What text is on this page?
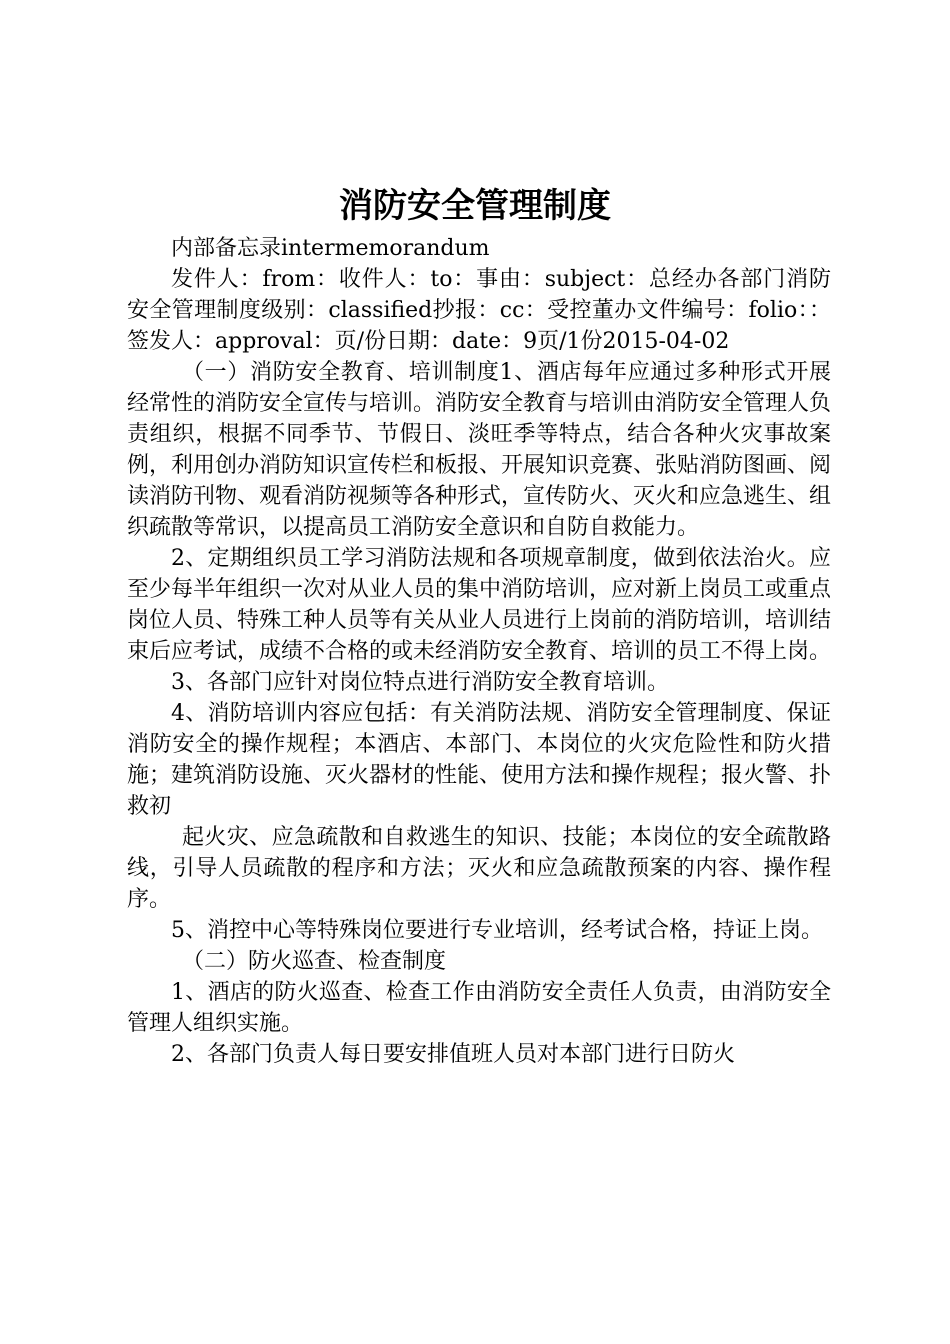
消防安全管理制度

内部备忘录intermemorandum

发件人：from：收件人：to：事由：subject：总经办各部门消防安全管理制度级别：classified抄报：cc：受控董办文件编号：folio：：签发人：approval：页/份日期：date：9页/1份2015-04-02

（一）消防安全教育、培训制度1、酒店每年应通过多种形式开展经常性的消防安全宣传与培训。消防安全教育与培训由消防安全管理人负责组织，根据不同季节、节假日、淡旺季等特点，结合各种火灾事故案例，利用创办消防知识宣传栏和板报、开展知识竞赛、张贴消防图画、阅读消防刊物、观看消防视频等各种形式，宣传防火、灭火和应急逃生、组织疏散等常识，以提高员工消防安全意识和自防自救能力。

2、定期组织员工学习消防法规和各项规章制度，做到依法治火。应至少每半年组织一次对从业人员的集中消防培训，应对新上岗员工或重点岗位人员、特殊工种人员等有关从业人员进行上岗前的消防培训，培训结束后应考试，成绩不合格的或未经消防安全教育、培训的员工不得上岗。

3、各部门应针对岗位特点进行消防安全教育培训。

4、消防培训内容应包括：有关消防法规、消防安全管理制度、保证消防安全的操作规程；本酒店、本部门、本岗位的火灾危险性和防火措施；建筑消防设施、灭火器材的性能、使用方法和操作规程；报火警、扑救初

起火灾、应急疏散和自救逃生的知识、技能；本岗位的安全疏散路线，引导人员疏散的程序和方法；灭火和应急疏散预案的内容、操作程序。

5、消控中心等特殊岗位要进行专业培训，经考试合格，持证上岗。

（二）防火巡查、检查制度

1、酒店的防火巡查、检查工作由消防安全责任人负责，由消防安全管理人组织实施。

2、各部门负责人每日要安排值班人员对本部门进行日防火
